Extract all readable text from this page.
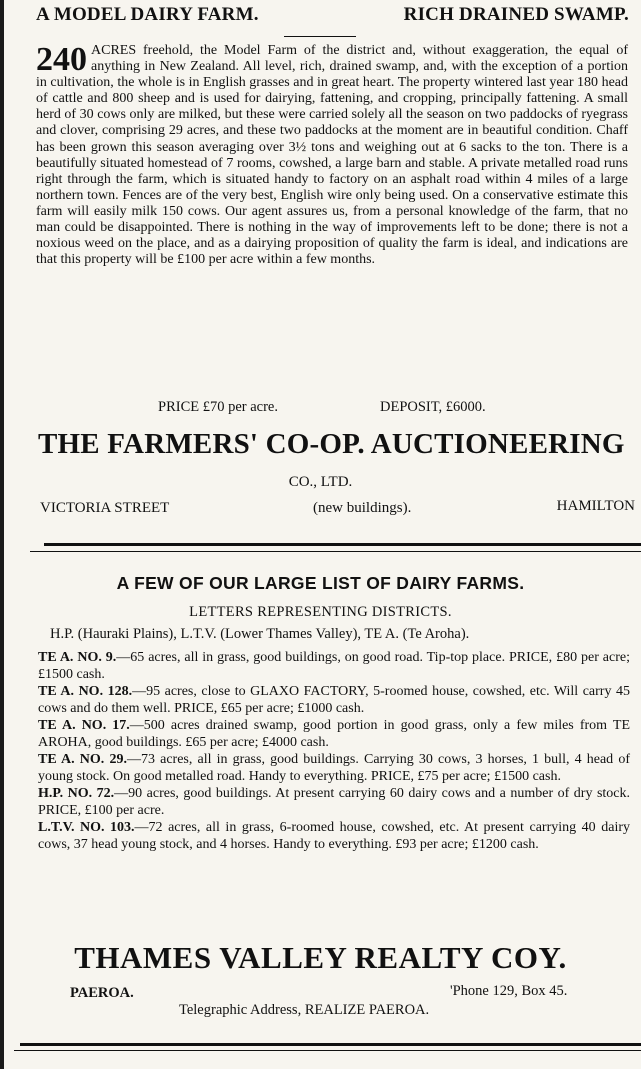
A MODEL DAIRY FARM.	RICH DRAINED SWAMP.
240 ACRES freehold, the Model Farm of the district and, without exaggeration, the equal of anything in New Zealand. All level, rich, drained swamp, and, with the exception of a portion in cultivation, the whole is in English grasses and in great heart. The property wintered last year 180 head of cattle and 800 sheep and is used for dairying, fattening, and cropping, principally fattening. A small herd of 30 cows only are milked, but these were carried solely all the season on two paddocks of ryegrass and clover, comprising 29 acres, and these two paddocks at the moment are in beautiful condition. Chaff has been grown this season averaging over 3½ tons and weighing out at 6 sacks to the ton. There is a beautifully situated homestead of 7 rooms, cowshed, a large barn and stable. A private metalled road runs right through the farm, which is situated handy to factory on an asphalt road within 4 miles of a large northern town. Fences are of the very best, English wire only being used. On a conservative estimate this farm will easily milk 150 cows. Our agent assures us, from a personal knowledge of the farm, that no man could be disappointed. There is nothing in the way of improvements left to be done; there is not a noxious weed on the place, and as a dairying proposition of quality the farm is ideal, and indications are that this property will be £100 per acre within a few months.
PRICE £70 per acre.	DEPOSIT, £6000.
THE FARMERS' CO-OP. AUCTIONEERING
CO., LTD.
VICTORIA STREET	(new buildings).	HAMILTON
A FEW OF OUR LARGE LIST OF DAIRY FARMS.
LETTERS REPRESENTING DISTRICTS.
H.P. (Hauraki Plains), L.T.V. (Lower Thames Valley), TE A. (Te Aroha).

TE A. NO. 9.—65 acres, all in grass, good buildings, on good road. Tip-top place. PRICE, £80 per acre; £1500 cash.

TE A. NO. 128.—95 acres, close to GLAXO FACTORY, 5-roomed house, cowshed, etc. Will carry 45 cows and do them well. PRICE, £65 per acre; £1000 cash.

TE A. NO. 17.—500 acres drained swamp, good portion in good grass, only a few miles from TE AROHA, good buildings. £65 per acre; £4000 cash.

TE A. NO. 29.—73 acres, all in grass, good buildings. Carrying 30 cows, 3 horses, 1 bull, 4 head of young stock. On good metalled road. Handy to everything. PRICE, £75 per acre; £1500 cash.

H.P. NO. 72.—90 acres, good buildings. At present carrying 60 dairy cows and a number of dry stock. PRICE, £100 per acre.

L.T.V. NO. 103.—72 acres, all in grass, 6-roomed house, cowshed, etc. At present carrying 40 dairy cows, 37 head young stock, and 4 horses. Handy to everything. £93 per acre; £1200 cash.

THAMES VALLEY REALTY COY.
PAEROA.	'Phone 129, Box 45.
Telegraphic Address, REALIZE PAEROA.
